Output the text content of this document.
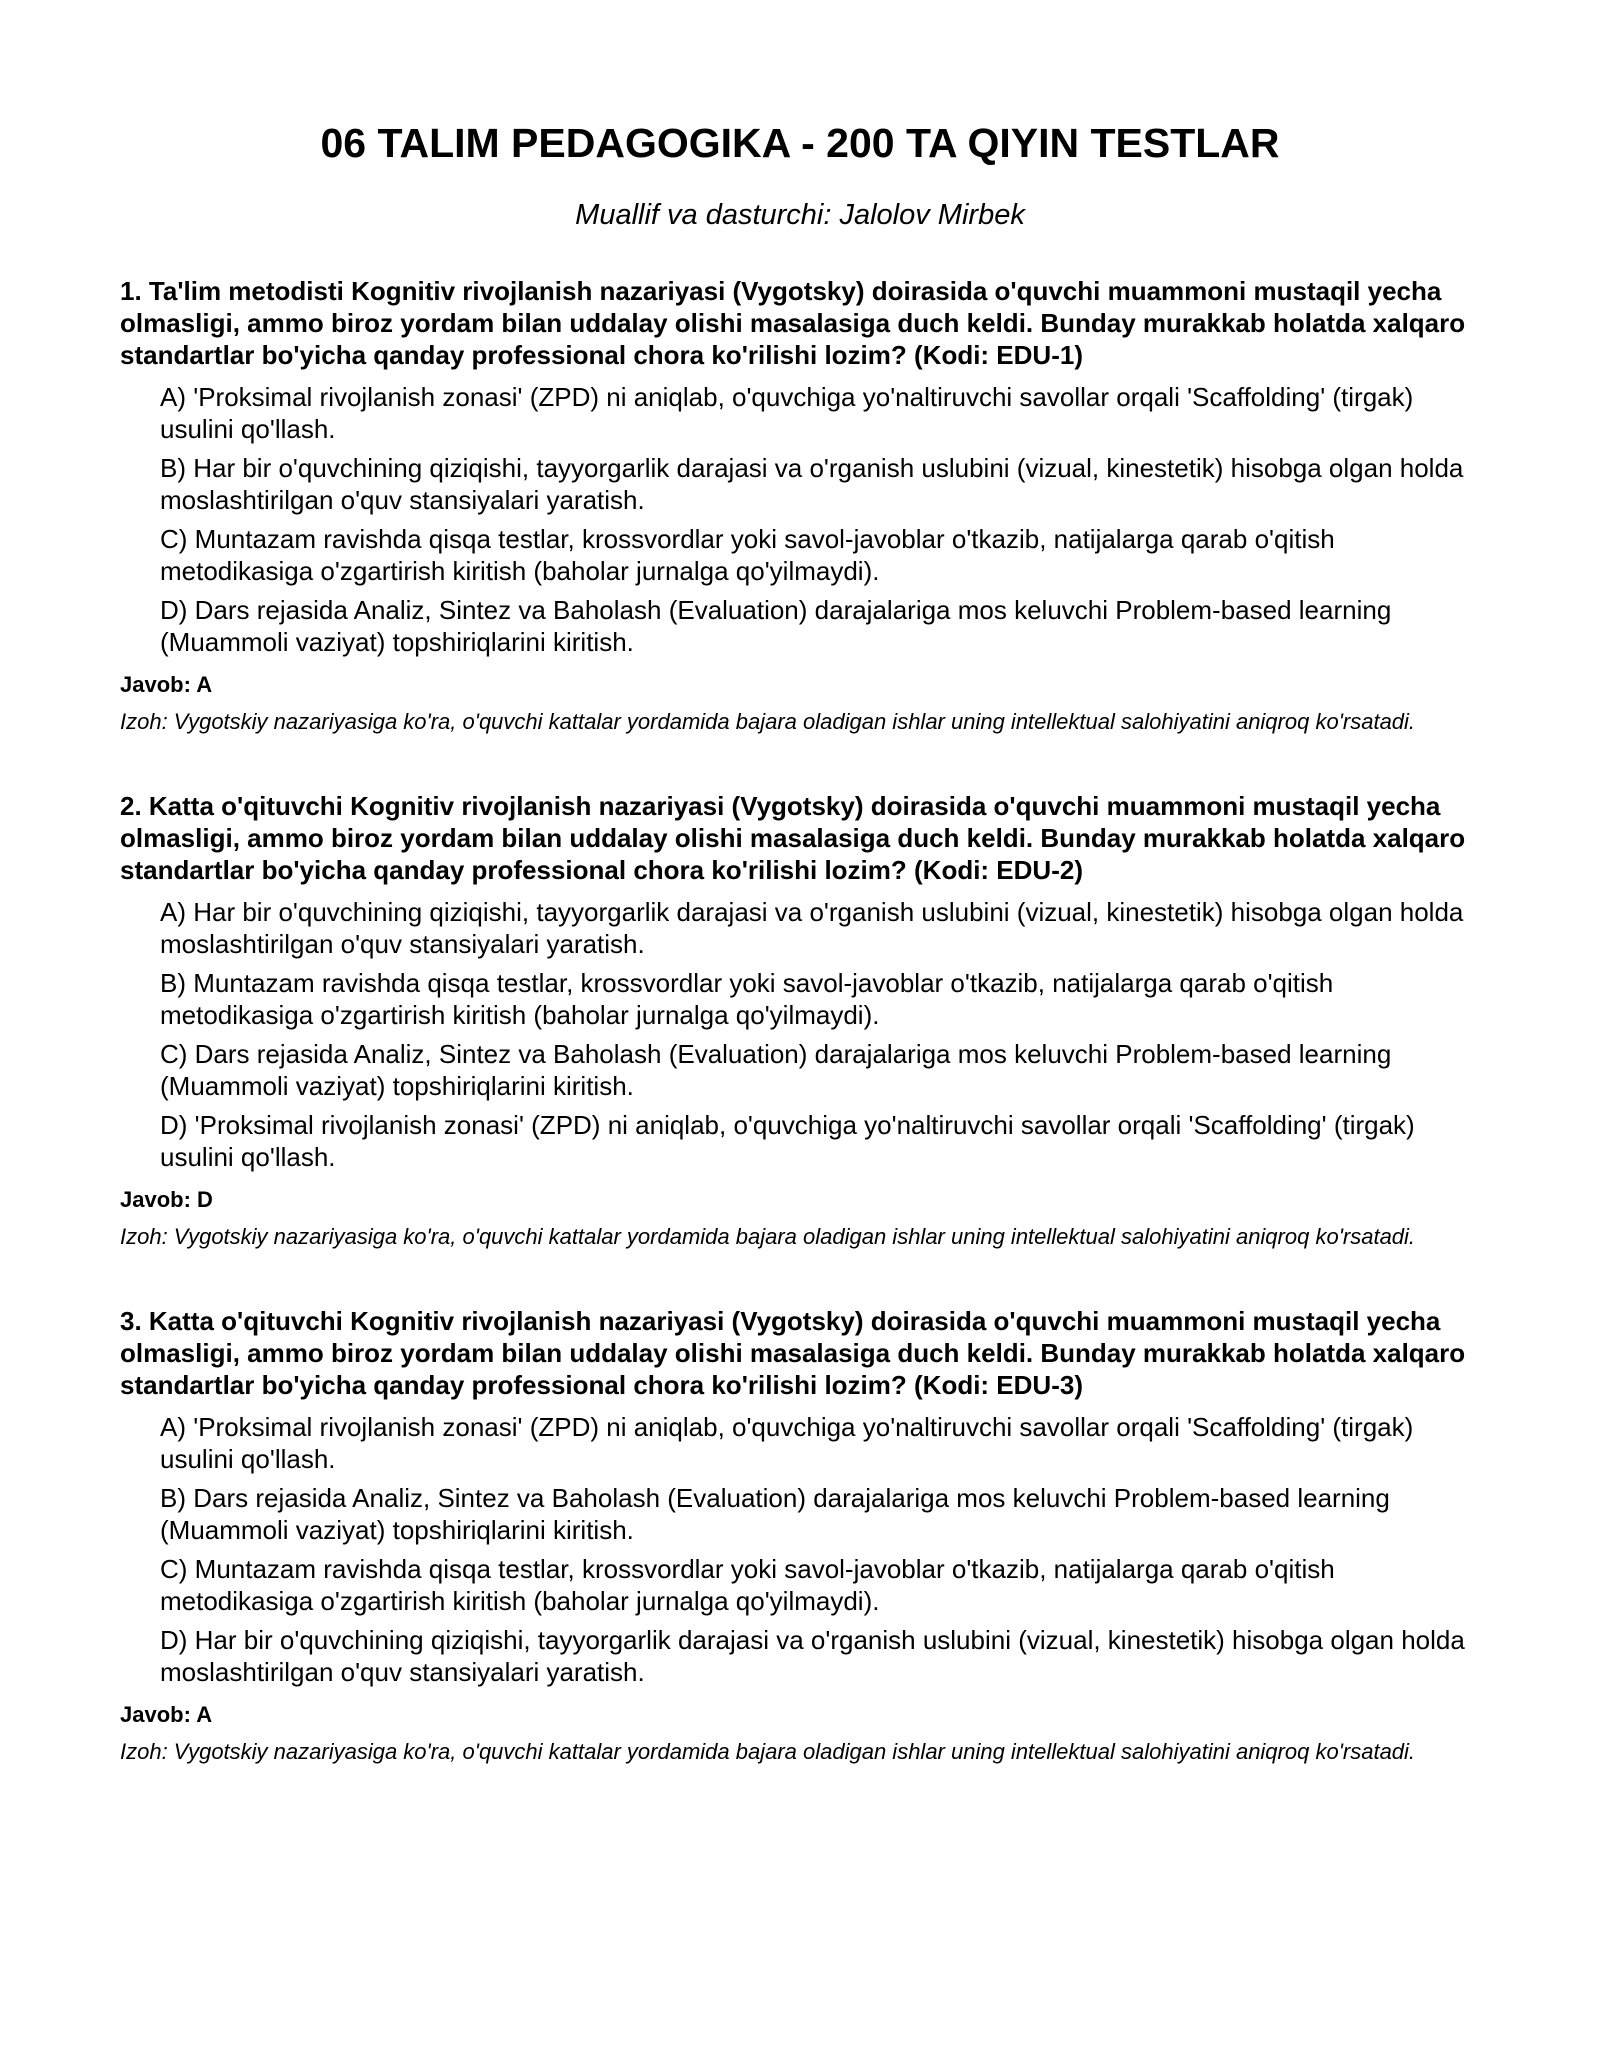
06 TALIM PEDAGOGIKA - 200 TA QIYIN TESTLAR

Muallif va dasturchi: Jalolov Mirbek

1. Ta'lim metodisti Kognitiv rivojlanish nazariyasi (Vygotsky) doirasida o'quvchi muammoni mustaqil yecha olmasligi, ammo biroz yordam bilan uddalay olishi masalasiga duch keldi. Bunday murakkab holatda xalqaro standartlar bo'yicha qanday professional chora ko'rilishi lozim? (Kodi: EDU-1)

A) 'Proksimal rivojlanish zonasi' (ZPD) ni aniqlab, o'quvchiga yo'naltiruvchi savollar orqali 'Scaffolding' (tirgak) usulini qo'llash.
B) Har bir o'quvchining qiziqishi, tayyorgarlik darajasi va o'rganish uslubini (vizual, kinestetik) hisobga olgan holda moslashtirilgan o'quv stansiyalari yaratish.
C) Muntazam ravishda qisqa testlar, krossvordlar yoki savol-javoblar o'tkazib, natijalarga qarab o'qitish metodikasiga o'zgartirish kiritish (baholar jurnalga qo'yilmaydi).
D) Dars rejasida Analiz, Sintez va Baholash (Evaluation) darajalariga mos keluvchi Problem-based learning (Muammoli vaziyat) topshiriqlarini kiritish.

Javob: A

Izoh: Vygotskiy nazariyasiga ko'ra, o'quvchi kattalar yordamida bajara oladigan ishlar uning intellektual salohiyatini aniqroq ko'rsatadi.

2. Katta o'qituvchi Kognitiv rivojlanish nazariyasi (Vygotsky) doirasida o'quvchi muammoni mustaqil yecha olmasligi, ammo biroz yordam bilan uddalay olishi masalasiga duch keldi. Bunday murakkab holatda xalqaro standartlar bo'yicha qanday professional chora ko'rilishi lozim? (Kodi: EDU-2)

A) Har bir o'quvchining qiziqishi, tayyorgarlik darajasi va o'rganish uslubini (vizual, kinestetik) hisobga olgan holda moslashtirilgan o'quv stansiyalari yaratish.
B) Muntazam ravishda qisqa testlar, krossvordlar yoki savol-javoblar o'tkazib, natijalarga qarab o'qitish metodikasiga o'zgartirish kiritish (baholar jurnalga qo'yilmaydi).
C) Dars rejasida Analiz, Sintez va Baholash (Evaluation) darajalariga mos keluvchi Problem-based learning (Muammoli vaziyat) topshiriqlarini kiritish.
D) 'Proksimal rivojlanish zonasi' (ZPD) ni aniqlab, o'quvchiga yo'naltiruvchi savollar orqali 'Scaffolding' (tirgak) usulini qo'llash.

Javob: D

Izoh: Vygotskiy nazariyasiga ko'ra, o'quvchi kattalar yordamida bajara oladigan ishlar uning intellektual salohiyatini aniqroq ko'rsatadi.

3. Katta o'qituvchi Kognitiv rivojlanish nazariyasi (Vygotsky) doirasida o'quvchi muammoni mustaqil yecha olmasligi, ammo biroz yordam bilan uddalay olishi masalasiga duch keldi. Bunday murakkab holatda xalqaro standartlar bo'yicha qanday professional chora ko'rilishi lozim? (Kodi: EDU-3)

A) 'Proksimal rivojlanish zonasi' (ZPD) ni aniqlab, o'quvchiga yo'naltiruvchi savollar orqali 'Scaffolding' (tirgak) usulini qo'llash.
B) Dars rejasida Analiz, Sintez va Baholash (Evaluation) darajalariga mos keluvchi Problem-based learning (Muammoli vaziyat) topshiriqlarini kiritish.
C) Muntazam ravishda qisqa testlar, krossvordlar yoki savol-javoblar o'tkazib, natijalarga qarab o'qitish metodikasiga o'zgartirish kiritish (baholar jurnalga qo'yilmaydi).
D) Har bir o'quvchining qiziqishi, tayyorgarlik darajasi va o'rganish uslubini (vizual, kinestetik) hisobga olgan holda moslashtirilgan o'quv stansiyalari yaratish.

Javob: A

Izoh: Vygotskiy nazariyasiga ko'ra, o'quvchi kattalar yordamida bajara oladigan ishlar uning intellektual salohiyatini aniqroq ko'rsatadi.
